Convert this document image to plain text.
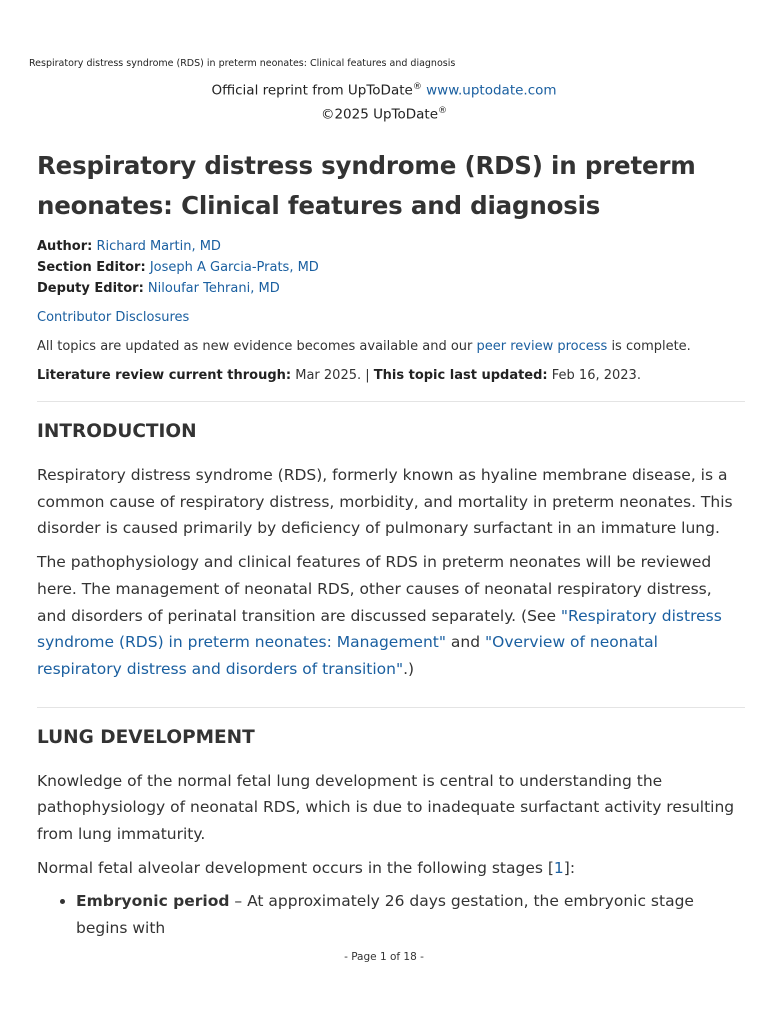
Respiratory distress syndrome (RDS) in preterm neonates: Clinical features and diagnosis
Official reprint from UpToDate® www.uptodate.com
©2025 UpToDate®
Respiratory distress syndrome (RDS) in preterm neonates: Clinical features and diagnosis
Author: Richard Martin, MD
Section Editor: Joseph A Garcia-Prats, MD
Deputy Editor: Niloufar Tehrani, MD
Contributor Disclosures
All topics are updated as new evidence becomes available and our peer review process is complete.
Literature review current through: Mar 2025. | This topic last updated: Feb 16, 2023.
INTRODUCTION

Respiratory distress syndrome (RDS), formerly known as hyaline membrane disease, is a common cause of respiratory distress, morbidity, and mortality in preterm neonates. This disorder is caused primarily by deficiency of pulmonary surfactant in an immature lung.

The pathophysiology and clinical features of RDS in preterm neonates will be reviewed here. The management of neonatal RDS, other causes of neonatal respiratory distress, and disorders of perinatal transition are discussed separately. (See "Respiratory distress syndrome (RDS) in preterm neonates: Management" and "Overview of neonatal respiratory distress and disorders of transition".)

LUNG DEVELOPMENT

Knowledge of the normal fetal lung development is central to understanding the pathophysiology of neonatal RDS, which is due to inadequate surfactant activity resulting from lung immaturity.

Normal fetal alveolar development occurs in the following stages [1]:

• Embryonic period – At approximately 26 days gestation, the embryonic stage begins with
- Page 1 of 18 -
